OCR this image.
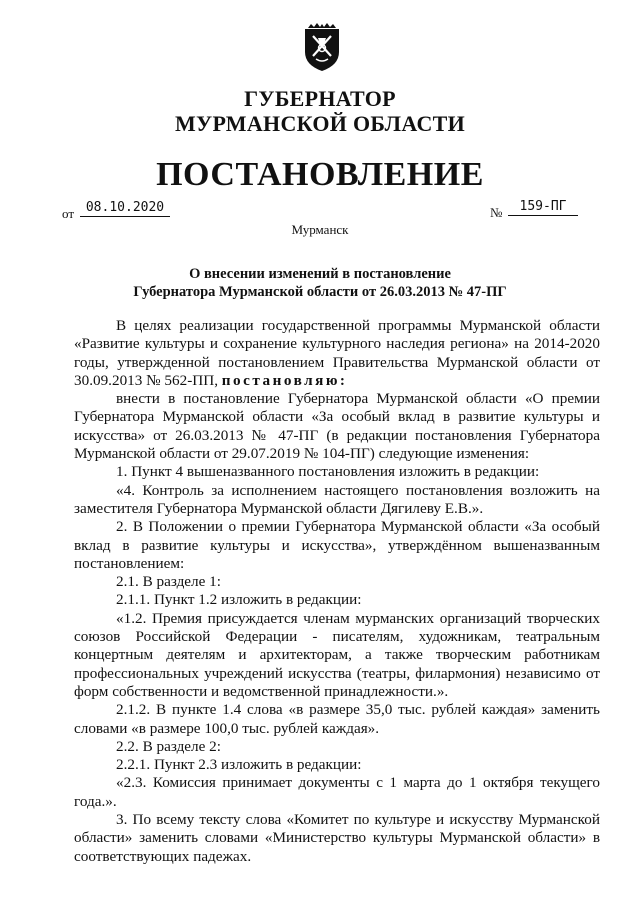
ГУБЕРНАТОР
МУРМАНСКОЙ ОБЛАСТИ
ПОСТАНОВЛЕНИЕ
от 08.10.2020	№	159-ПГ
Мурманск
О внесении изменений в постановление
Губернатора Мурманской области от 26.03.2013 № 47-ПГ

В целях реализации государственной программы Мурманской области «Развитие культуры и сохранение культурного наследия региона» на 2014-2020 годы, утвержденной постановлением Правительства Мурманской области от 30.09.2013 № 562-ПП, постановляю:

внести в постановление Губернатора Мурманской области «О премии Губернатора Мурманской области «За особый вклад в развитие культуры и искусства» от 26.03.2013 № 47-ПГ (в редакции постановления Губернатора Мурманской области от 29.07.2019 № 104-ПГ) следующие изменения:

1. Пункт 4 вышеназванного постановления изложить в редакции:

«4. Контроль за исполнением настоящего постановления возложить на заместителя Губернатора Мурманской области Дягилеву Е.В.».

2. В Положении о премии Губернатора Мурманской области «За особый вклад в развитие культуры и искусства», утверждённом вышеназванным постановлением:

2.1. В разделе 1:

2.1.1. Пункт 1.2 изложить в редакции:

«1.2. Премия присуждается членам мурманских организаций творческих союзов Российской Федерации - писателям, художникам, театральным концертным деятелям и архитекторам, а также творческим работникам профессиональных учреждений искусства (театры, филармония) независимо от форм собственности и ведомственной принадлежности.».

2.1.2. В пункте 1.4 слова «в размере 35,0 тыс. рублей каждая» заменить словами «в размере 100,0 тыс. рублей каждая».

2.2. В разделе 2:

2.2.1. Пункт 2.3 изложить в редакции:

«2.3. Комиссия принимает документы с 1 марта до 1 октября текущего года.».

3. По всему тексту слова «Комитет по культуре и искусству Мурманской области» заменить словами «Министерство культуры Мурманской области» в соответствующих падежах.
